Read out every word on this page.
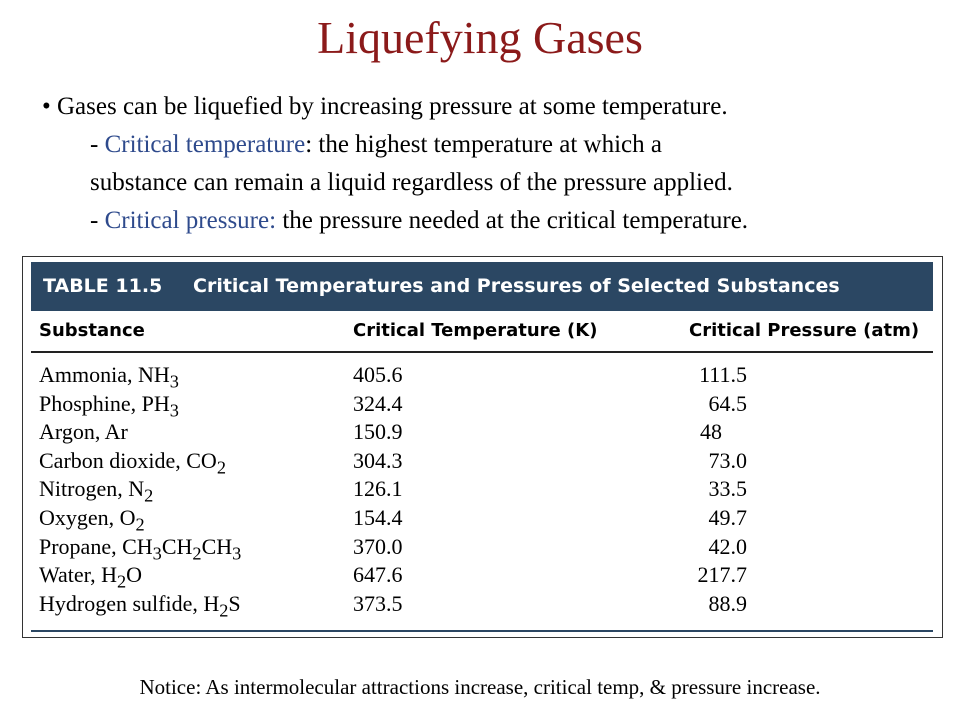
Liquefying Gases
• Gases can be liquefied by increasing pressure at some temperature.
- Critical temperature: the highest temperature at which a
substance can remain a liquid regardless of the pressure applied.
- Critical pressure: the pressure needed at the critical temperature.
TABLE 11.5 Critical Temperatures and Pressures of Selected Substances
Substance	Critical Temperature (K)	Critical Pressure (atm)
Ammonia, $NH_3$	405.6	111.5
Phosphine, $PH_3$	324.4	64.5
Argon, Ar	150.9	48
Carbon dioxide, $CO_2$	304.3	73.0
Nitrogen, $N_2$	126.1	33.5
Oxygen, $O_2$	154.4	49.7
Propane, $CH_3CH_2CH_3$	370.0	42.0
Water, $H_2O$	647.6	217.7
Hydrogen sulfide, $H_2S$	373.5	88.9
Notice: As intermolecular attractions increase, critical temp, & pressure increase.
